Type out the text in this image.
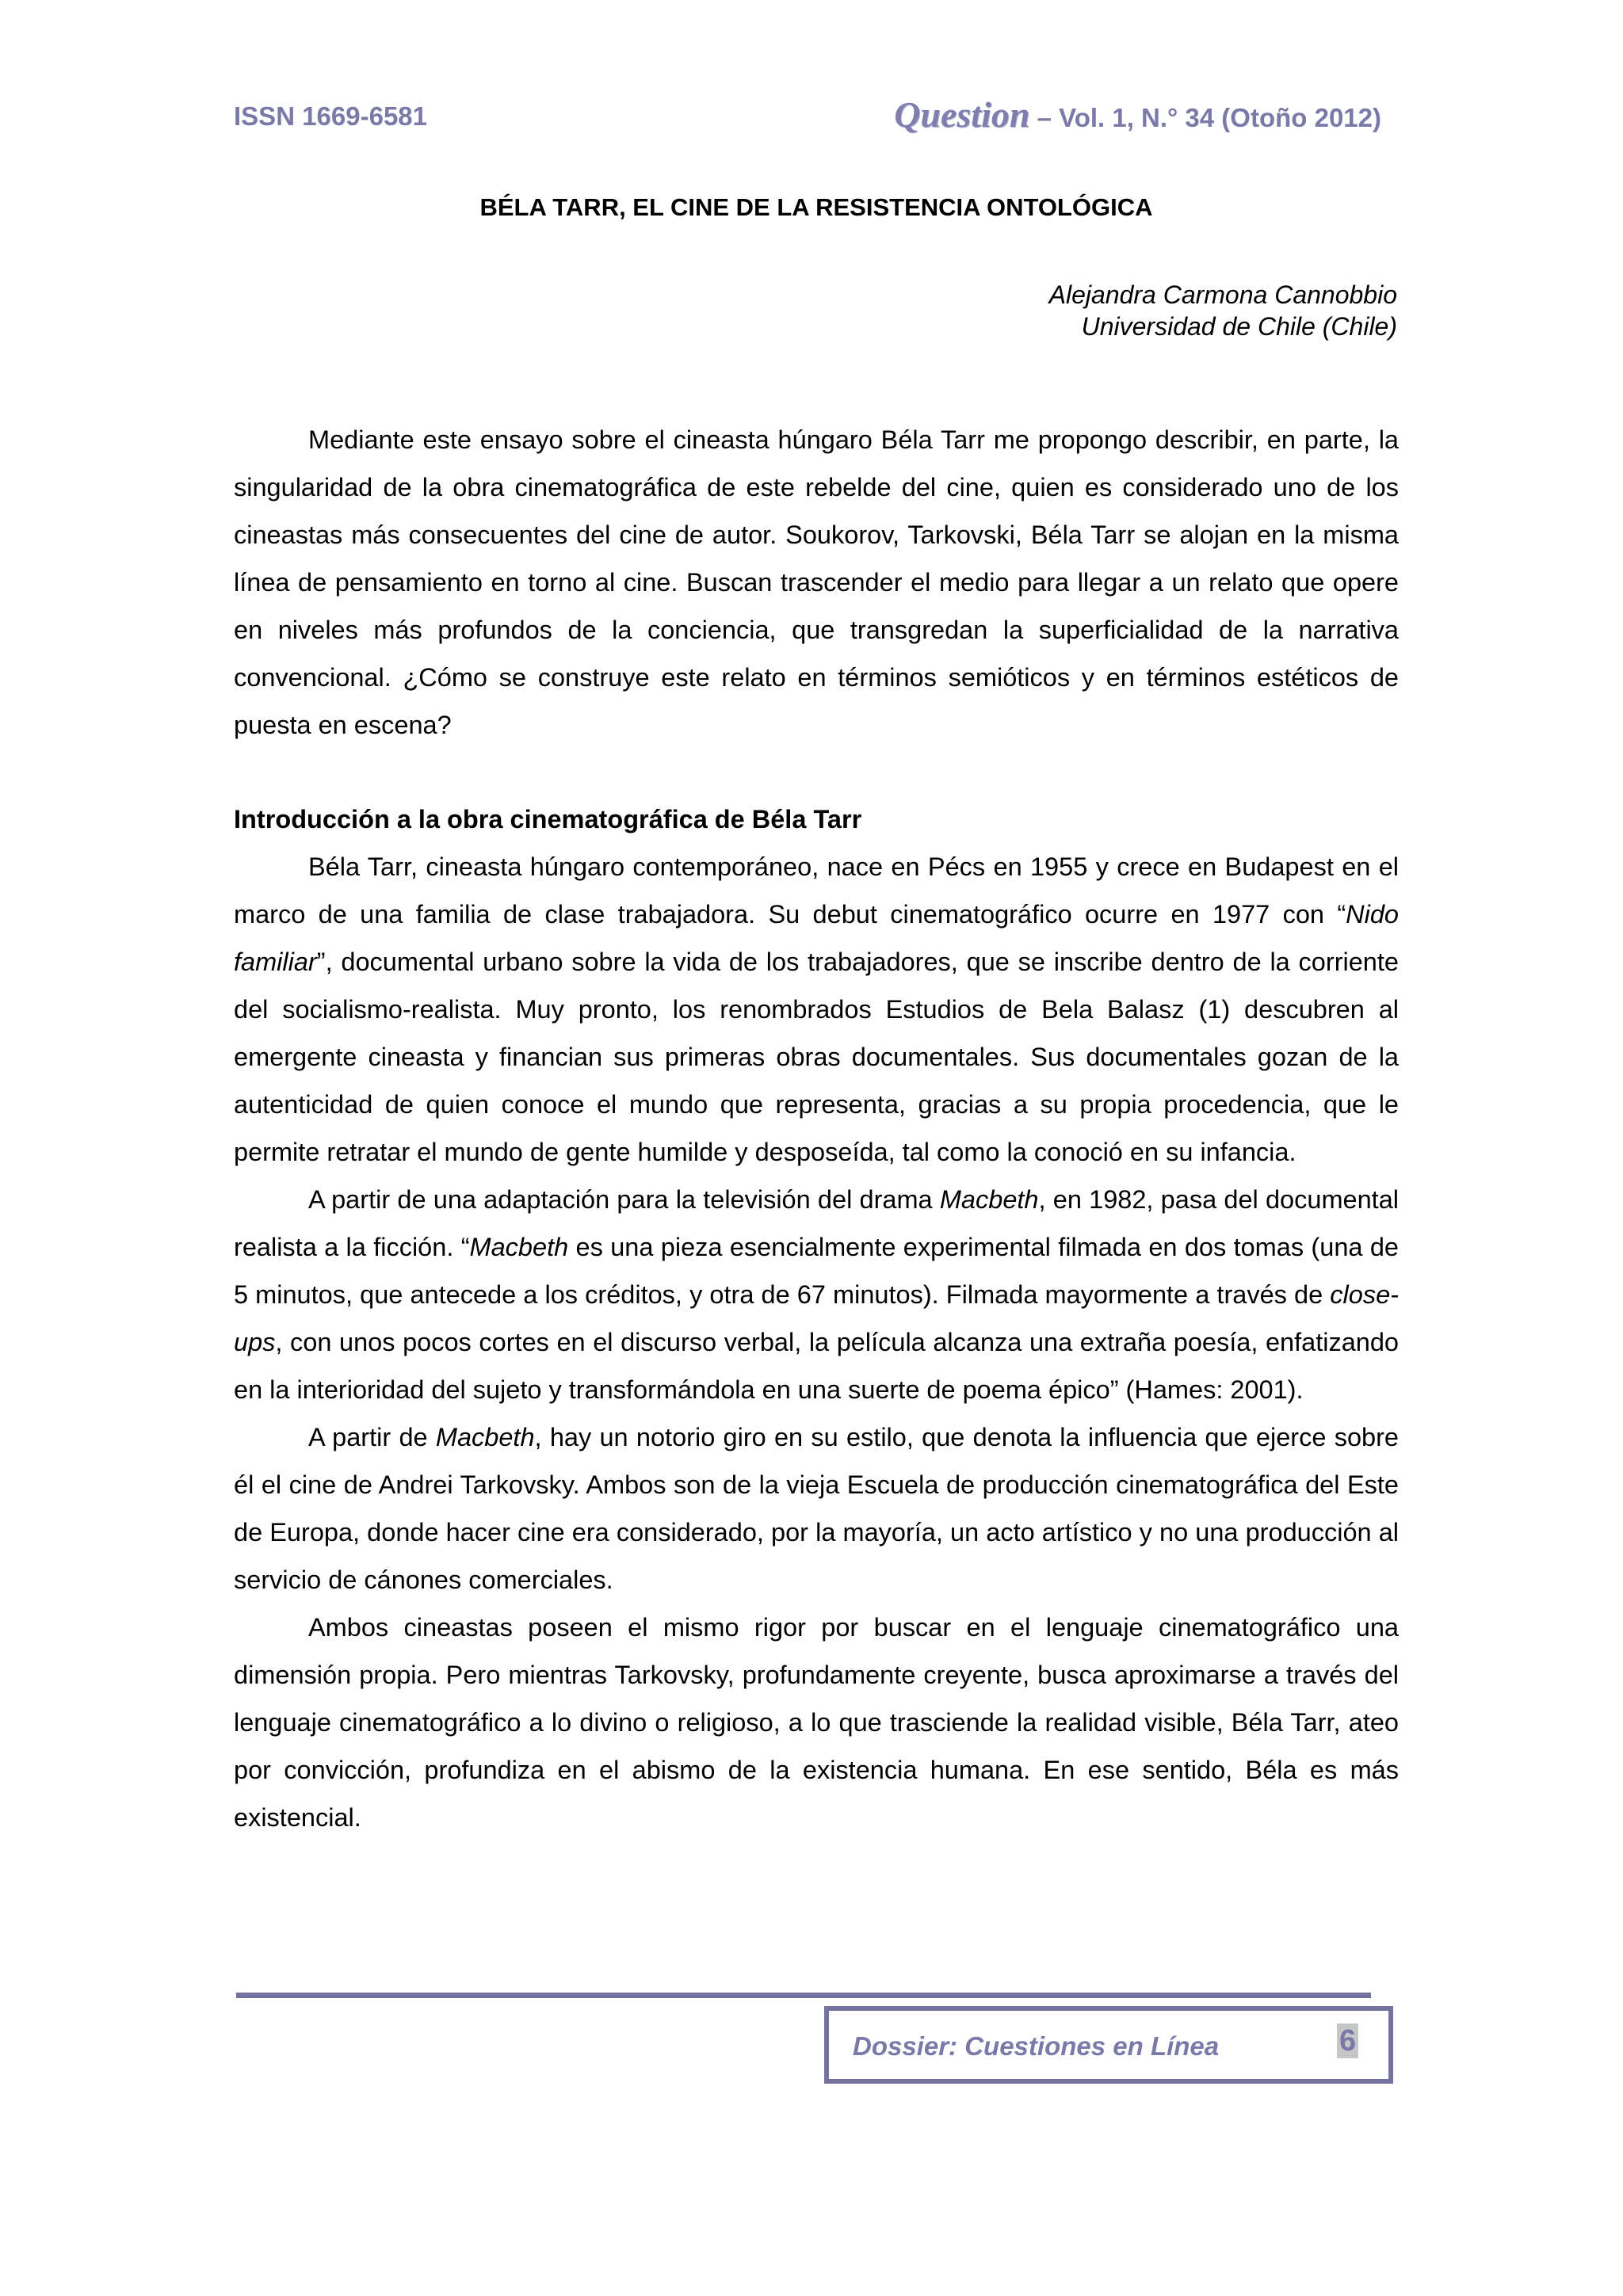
ISSN 1669-6581	Question – Vol. 1, N.° 34 (Otoño 2012)
BÉLA TARR, EL CINE DE LA RESISTENCIA ONTOLÓGICA
Alejandra Carmona Cannobbio
Universidad de Chile (Chile)

Mediante este ensayo sobre el cineasta húngaro Béla Tarr me propongo describir, en parte, la singularidad de la obra cinematográfica de este rebelde del cine, quien es considerado uno de los cineastas más consecuentes del cine de autor. Soukorov, Tarkovski, Béla Tarr se alojan en la misma línea de pensamiento en torno al cine. Buscan trascender el medio para llegar a un relato que opere en niveles más profundos de la conciencia, que transgredan la superficialidad de la narrativa convencional. ¿Cómo se construye este relato en términos semióticos y en términos estéticos de puesta en escena?

Introducción a la obra cinematográfica de Béla Tarr

Béla Tarr, cineasta húngaro contemporáneo, nace en Pécs en 1955 y crece en Budapest en el marco de una familia de clase trabajadora. Su debut cinematográfico ocurre en 1977 con “Nido familiar”, documental urbano sobre la vida de los trabajadores, que se inscribe dentro de la corriente del socialismo-realista. Muy pronto, los renombrados Estudios de Bela Balasz (1) descubren al emergente cineasta y financian sus primeras obras documentales. Sus documentales gozan de la autenticidad de quien conoce el mundo que representa, gracias a su propia procedencia, que le permite retratar el mundo de gente humilde y desposeída, tal como la conoció en su infancia.

A partir de una adaptación para la televisión del drama Macbeth, en 1982, pasa del documental realista a la ficción. “Macbeth es una pieza esencialmente experimental filmada en dos tomas (una de 5 minutos, que antecede a los créditos, y otra de 67 minutos). Filmada mayormente a través de close-ups, con unos pocos cortes en el discurso verbal, la película alcanza una extraña poesía, enfatizando en la interioridad del sujeto y transformándola en una suerte de poema épico” (Hames: 2001).

A partir de Macbeth, hay un notorio giro en su estilo, que denota la influencia que ejerce sobre él el cine de Andrei Tarkovsky. Ambos son de la vieja Escuela de producción cinematográfica del Este de Europa, donde hacer cine era considerado, por la mayoría, un acto artístico y no una producción al servicio de cánones comerciales.

Ambos cineastas poseen el mismo rigor por buscar en el lenguaje cinematográfico una dimensión propia. Pero mientras Tarkovsky, profundamente creyente, busca aproximarse a través del lenguaje cinematográfico a lo divino o religioso, a lo que trasciende la realidad visible, Béla Tarr, ateo por convicción, profundiza en el abismo de la existencia humana. En ese sentido, Béla es más existencial.

Dossier: Cuestiones en Línea	6
